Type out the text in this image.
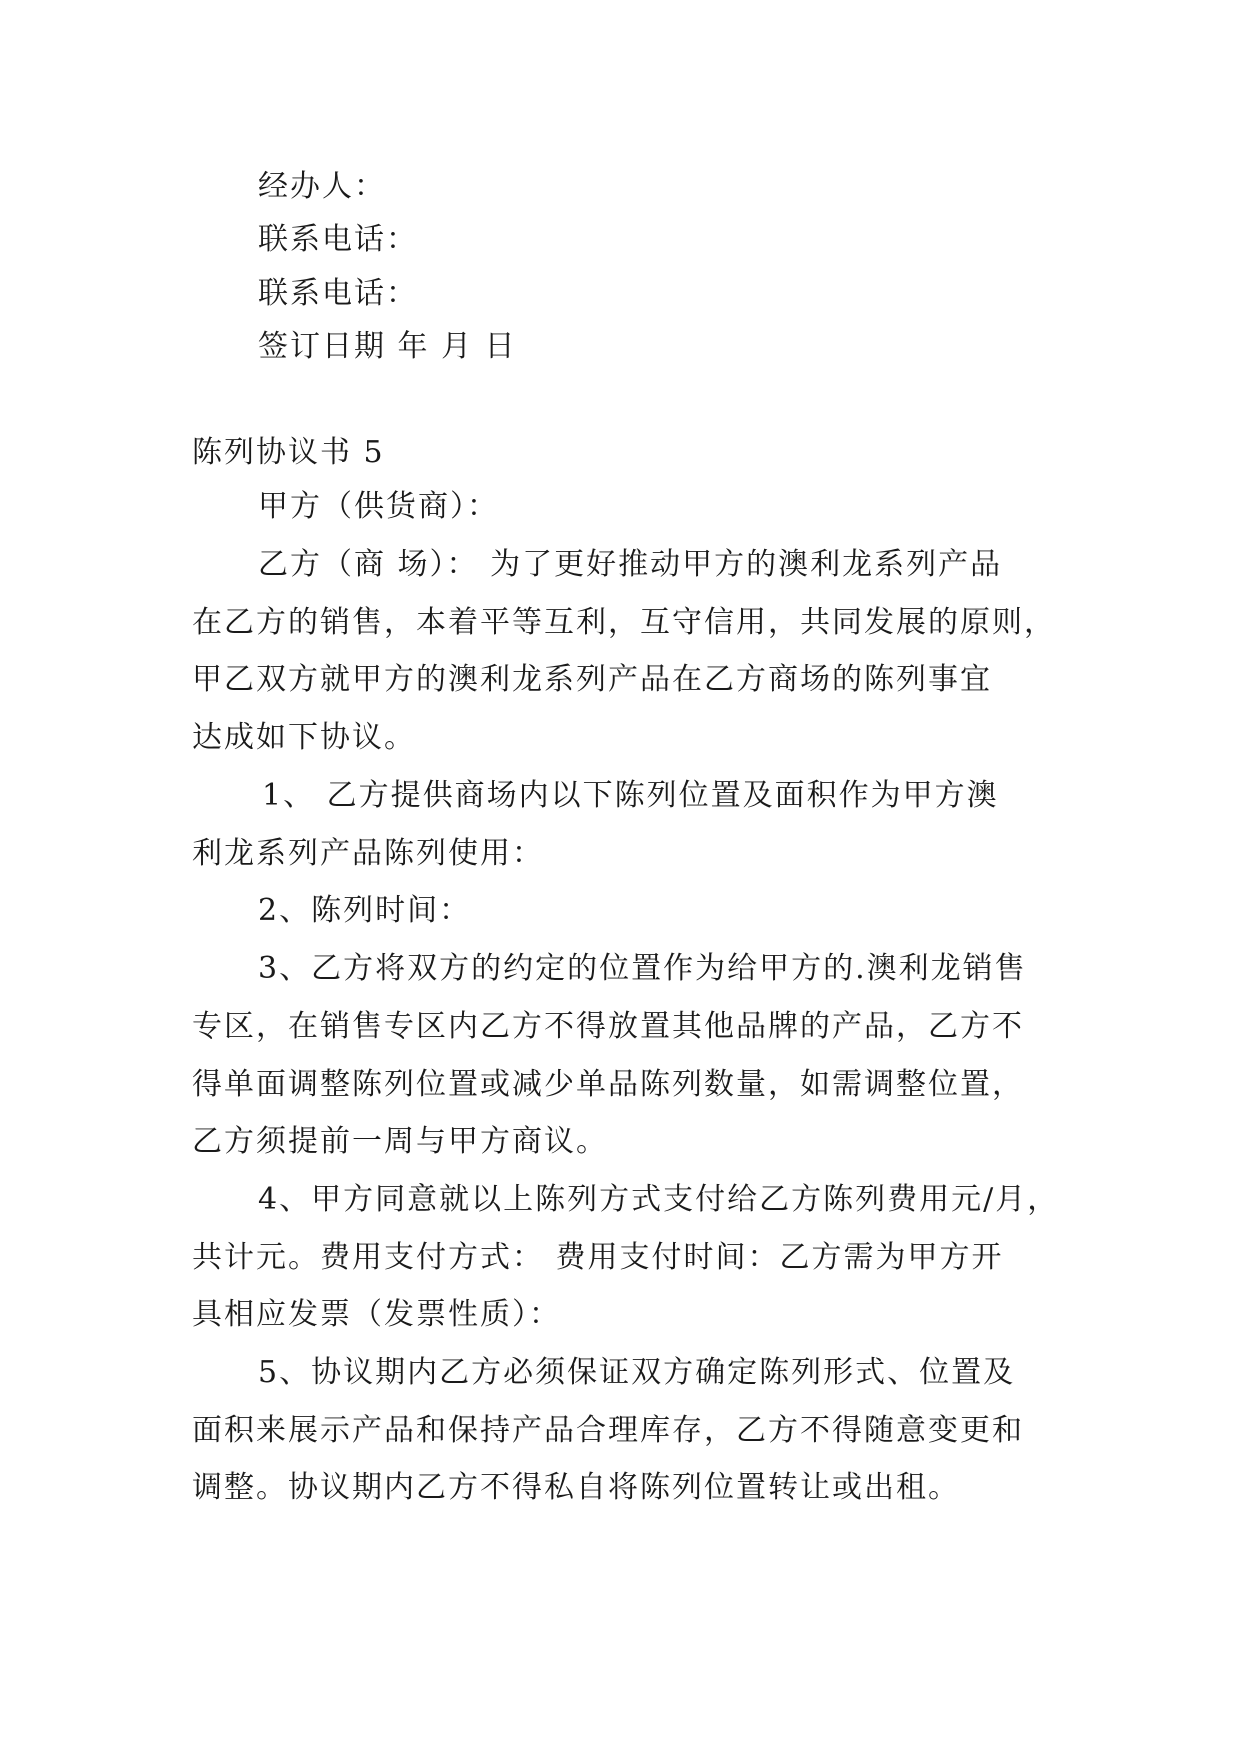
经办人：
联系电话：
联系电话：
签订日期 年 月 日
陈列协议书 5
甲方（供货商）：
乙方（商 场）： 为了更好推动甲方的澳利龙系列产品
在乙方的销售，本着平等互利，互守信用，共同发展的原则，
甲乙双方就甲方的澳利龙系列产品在乙方商场的陈列事宜
达成如下协议。
1、 乙方提供商场内以下陈列位置及面积作为甲方澳
利龙系列产品陈列使用：
2、陈列时间：
3、乙方将双方的约定的位置作为给甲方的.澳利龙销售
专区，在销售专区内乙方不得放置其他品牌的产品，乙方不
得单面调整陈列位置或减少单品陈列数量，如需调整位置，
乙方须提前一周与甲方商议。
4、甲方同意就以上陈列方式支付给乙方陈列费用元/月，
共计元。费用支付方式： 费用支付时间：乙方需为甲方开
具相应发票（发票性质）：
5、协议期内乙方必须保证双方确定陈列形式、位置及
面积来展示产品和保持产品合理库存，乙方不得随意变更和
调整。协议期内乙方不得私自将陈列位置转让或出租。
